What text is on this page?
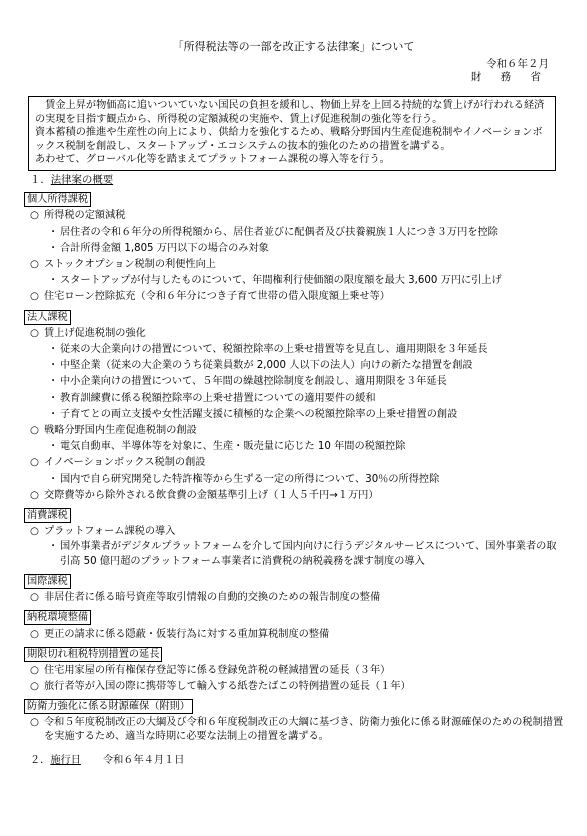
「所得税法等の一部を改正する法律案」について
令和６年２月
財 務 省

賃金上昇が物価高に追いついていない国民の負担を緩和し、物価上昇を上回る持続的な賃上げが行われる経済の実現を目指す観点から、所得税の定額減税の実施や、賃上げ促進税制の強化等を行う。

資本蓄積の推進や生産性の向上により、供給力を強化するため、戦略分野国内生産促進税制やイノベーションボックス税制を創設し、スタートアップ・エコシステムの抜本的強化のための措置を講ずる。

あわせて、グローバル化等を踏まえてプラットフォーム課税の導入等を行う。

１．法律案の概要
個人所得課税
○ 所得税の定額減税
・ 居住者の令和６年分の所得税額から、居住者並びに配偶者及び扶養親族１人につき３万円を控除
・ 合計所得金額 1,805 万円以下の場合のみ対象
○ ストックオプション税制の利便性向上
・ スタートアップが付与したものについて、年間権利行使価額の限度額を最大 3,600 万円に引上げ
○ 住宅ローン控除拡充（令和６年分につき子育て世帯の借入限度額上乗せ等）
法人課税
○ 賃上げ促進税制の強化
・ 従来の大企業向けの措置について、税額控除率の上乗せ措置等を見直し、適用期限を３年延長
・ 中堅企業（従来の大企業のうち従業員数が 2,000 人以下の法人）向けの新たな措置を創設
・ 中小企業向けの措置について、５年間の繰越控除制度を創設し、適用期限を３年延長
・ 教育訓練費に係る税額控除率の上乗せ措置についての適用要件の緩和
・ 子育てとの両立支援や女性活躍支援に積極的な企業への税額控除率の上乗せ措置の創設
○ 戦略分野国内生産促進税制の創設
・ 電気自動車、半導体等を対象に、生産・販売量に応じた 10 年間の税額控除
○ イノベーションボックス税制の創設
・ 国内で自ら研究開発した特許権等から生ずる一定の所得について、30％の所得控除
○ 交際費等から除外される飲食費の金額基準引上げ（１人５千円→１万円）
消費課税
○ プラットフォーム課税の導入
・ 国外事業者がデジタルプラットフォームを介して国内向けに行うデジタルサービスについて、国外事業者の取引高 50 億円超のプラットフォーム事業者に消費税の納税義務を課す制度の導入
国際課税
○ 非居住者に係る暗号資産等取引情報の自動的交換のための報告制度の整備
納税環境整備
○ 更正の請求に係る隠蔽・仮装行為に対する重加算税制度の整備
期限切れ租税特別措置の延長
○ 住宅用家屋の所有権保存登記等に係る登録免許税の軽減措置の延長（３年）
○ 旅行者等が入国の際に携帯等して輸入する紙巻たばこの特例措置の延長（１年）
防衛力強化に係る財源確保（附則）
○ 令和５年度税制改正の大綱及び令和６年度税制改正の大綱に基づき、防衛力強化に係る財源確保のための税制措置を実施するため、適当な時期に必要な法制上の措置を講ずる。
２．施行日 令和６年４月１日
